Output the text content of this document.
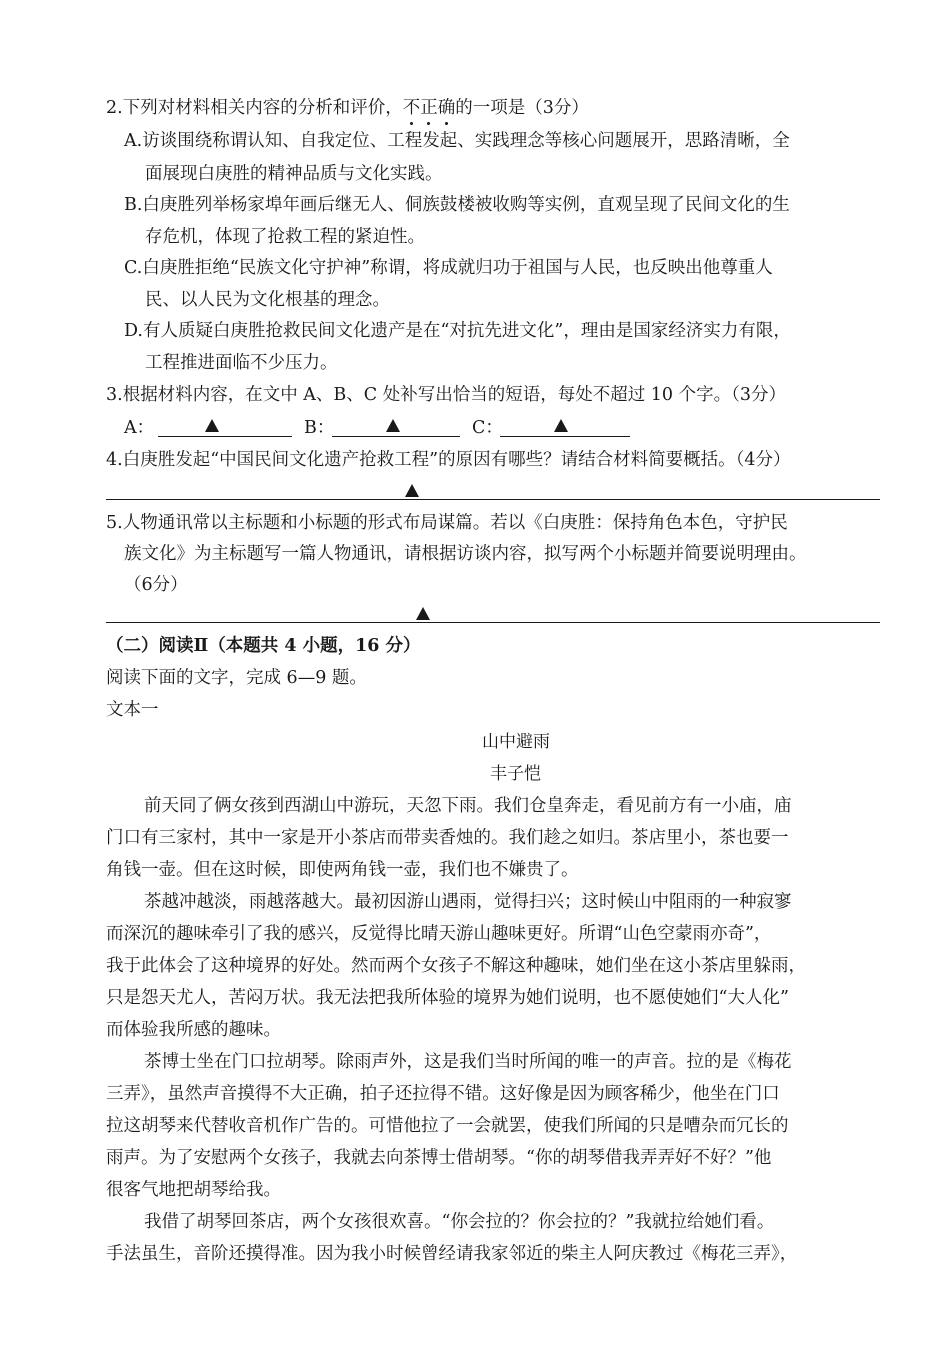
2.下列对材料相关内容的分析和评价，不正确的一项是（3分）
A.访谈围绕称谓认知、自我定位、工程发起、实践理念等核心问题展开，思路清晰，全
面展现白庚胜的精神品质与文化实践。
B.白庚胜列举杨家埠年画后继无人、侗族鼓楼被收购等实例，直观呈现了民间文化的生
存危机，体现了抢救工程的紧迫性。
C.白庚胜拒绝“民族文化守护神”称谓，将成就归功于祖国与人民，也反映出他尊重人
民、以人民为文化根基的理念。
D.有人质疑白庚胜抢救民间文化遗产是在“对抗先进文化”，理由是国家经济实力有限，
工程推进面临不少压力。
3.根据材料内容，在文中 A、B、C 处补写出恰当的短语，每处不超过 10 个字。（3分）
A：	B：	C：
4.白庚胜发起“中国民间文化遗产抢救工程”的原因有哪些？请结合材料简要概括。（4分）
5.人物通讯常以主标题和小标题的形式布局谋篇。若以《白庚胜：保持角色本色，守护民
族文化》为主标题写一篇人物通讯，请根据访谈内容，拟写两个小标题并简要说明理由。
（6分）
（二）阅读Ⅱ（本题共 4 小题，16 分）
阅读下面的文字，完成 6—9 题。
文本一
山中避雨
丰子恺
前天同了俩女孩到西湖山中游玩，天忽下雨。我们仓皇奔走，看见前方有一小庙，庙
门口有三家村，其中一家是开小茶店而带卖香烛的。我们趁之如归。茶店里小，茶也要一
角钱一壶。但在这时候，即使两角钱一壶，我们也不嫌贵了。
茶越冲越淡，雨越落越大。最初因游山遇雨，觉得扫兴；这时候山中阻雨的一种寂寥
而深沉的趣味牵引了我的感兴，反觉得比晴天游山趣味更好。所谓“山色空蒙雨亦奇”，
我于此体会了这种境界的好处。然而两个女孩子不解这种趣味，她们坐在这小茶店里躲雨，
只是怨天尤人，苦闷万状。我无法把我所体验的境界为她们说明，也不愿使她们“大人化”
而体验我所感的趣味。
茶博士坐在门口拉胡琴。除雨声外，这是我们当时所闻的唯一的声音。拉的是《梅花
三弄》，虽然声音摸得不大正确，拍子还拉得不错。这好像是因为顾客稀少，他坐在门口
拉这胡琴来代替收音机作广告的。可惜他拉了一会就罢，使我们所闻的只是嘈杂而冗长的
雨声。为了安慰两个女孩子，我就去向茶博士借胡琴。“你的胡琴借我弄弄好不好？”他
很客气地把胡琴给我。
我借了胡琴回茶店，两个女孩很欢喜。“你会拉的？你会拉的？”我就拉给她们看。
手法虽生，音阶还摸得准。因为我小时候曾经请我家邻近的柴主人阿庆教过《梅花三弄》，
